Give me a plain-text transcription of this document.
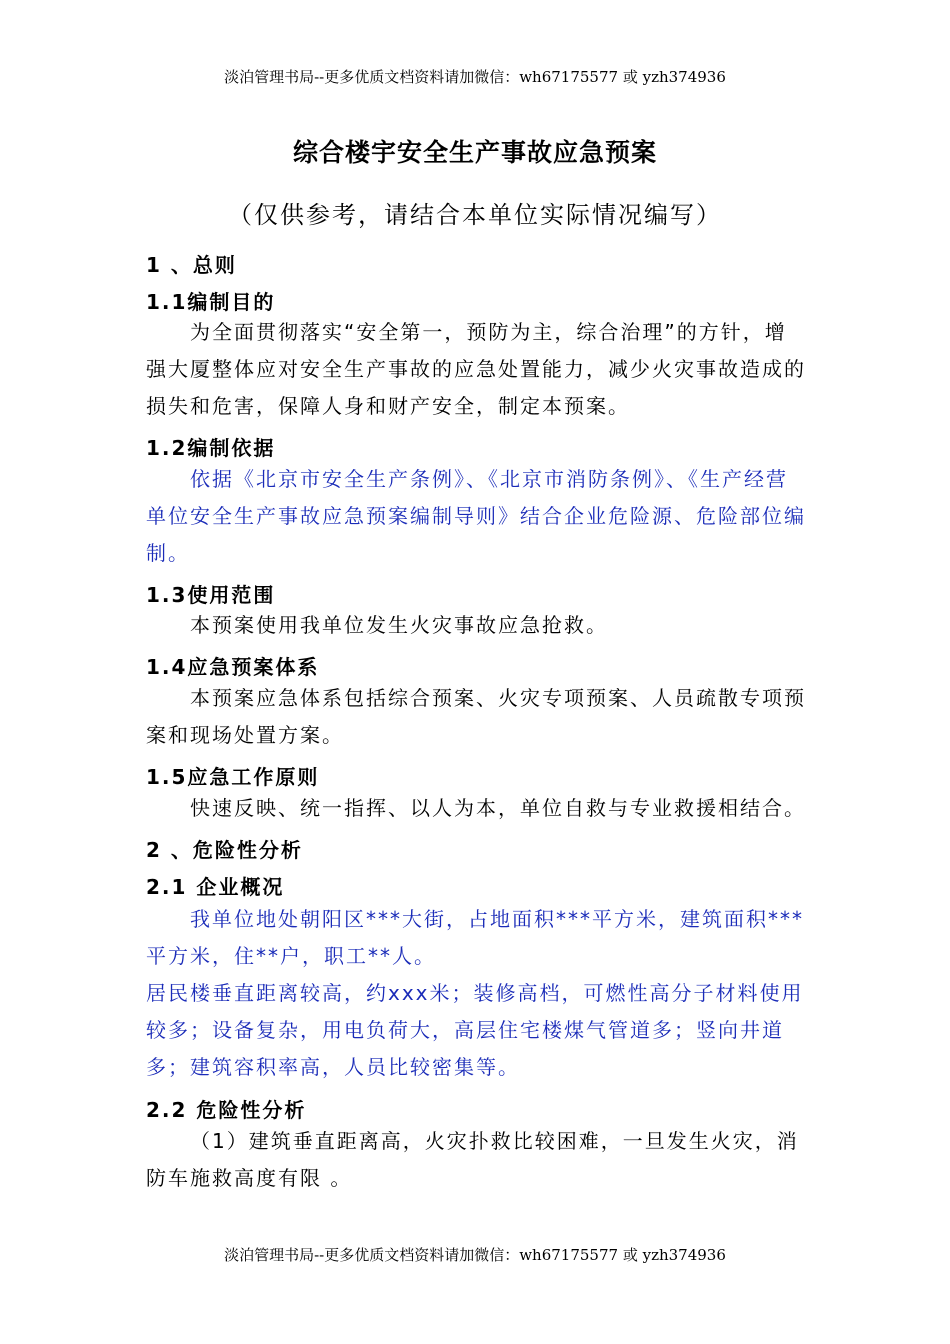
淡泊管理书局--更多优质文档资料请加微信：wh67175577 或 yzh374936
综合楼宇安全生产事故应急预案
（仅供参考，请结合本单位实际情况编写）
1 、总则
1.1编制目的
为全面贯彻落实“安全第一，预防为主，综合治理”的方针，增强大厦整体应对安全生产事故的应急处置能力，减少火灾事故造成的损失和危害，保障人身和财产安全，制定本预案。
1.2编制依据
依据《北京市安全生产条例》、《北京市消防条例》、《生产经营单位安全生产事故应急预案编制导则》结合企业危险源、危险部位编制。
1.3使用范围
本预案使用我单位发生火灾事故应急抢救。
1.4应急预案体系
本预案应急体系包括综合预案、火灾专项预案、人员疏散专项预案和现场处置方案。
1.5应急工作原则
快速反映、统一指挥、以人为本，单位自救与专业救援相结合。
2 、危险性分析
2.1 企业概况
我单位地处朝阳区***大街，占地面积***平方米，建筑面积***平方米，住**户，职工**人。
居民楼垂直距离较高，约xxx米；装修高档，可燃性高分子材料使用较多；设备复杂，用电负荷大，高层住宅楼煤气管道多；竖向井道多；建筑容积率高，人员比较密集等。
2.2 危险性分析
（1）建筑垂直距离高，火灾扑救比较困难，一旦发生火灾，消防车施救高度有限 。
淡泊管理书局--更多优质文档资料请加微信：wh67175577 或 yzh374936
